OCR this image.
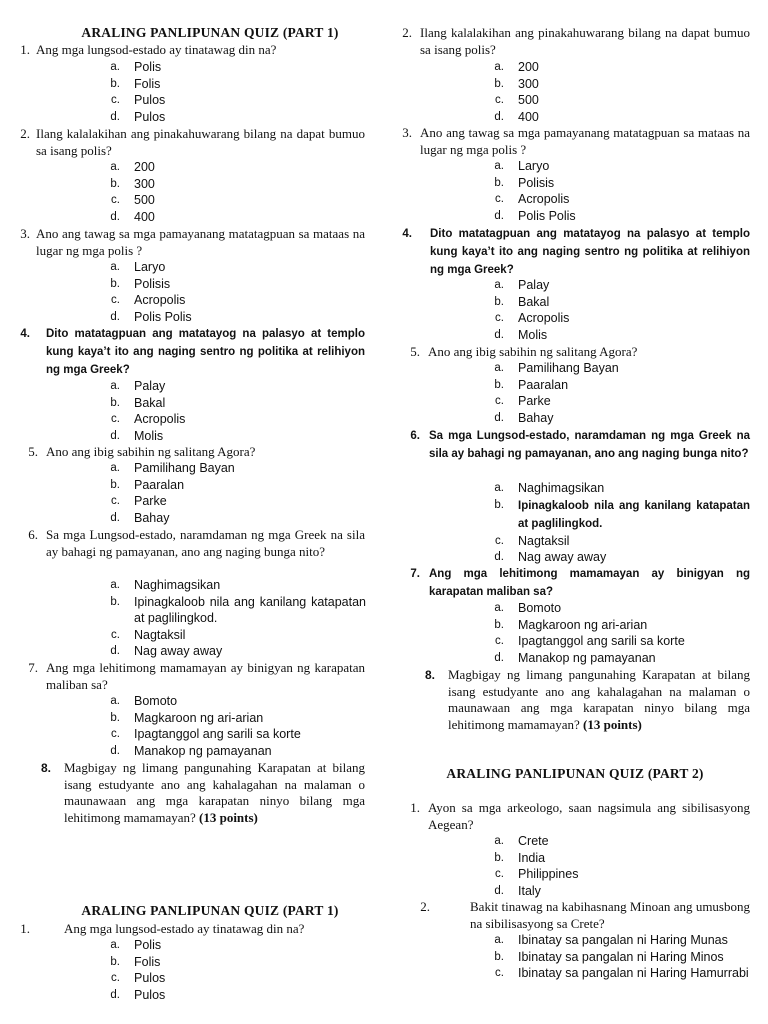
ARALING PANLIPUNAN QUIZ (PART 1)
1. Ang mga lungsod-estado ay tinatawag din na?
a. Polis
b. Folis
c. Pulos
d. Pulos
2. Ilang kalalakihan ang pinakahuwarang bilang na dapat bumuo sa isang polis?
a. 200
b. 300
c. 500
d. 400
3. Ano ang tawag sa mga pamayanang matatagpuan sa mataas na lugar ng mga polis ?
a. Laryo
b. Polisis
c. Acropolis
d. Polis Polis
4. Dito matatagpuan ang matatayog na palasyo at templo kung kaya’t ito ang naging sentro ng politika at relihiyon ng mga Greek?
a. Palay
b. Bakal
c. Acropolis
d. Molis
5. Ano ang ibig sabihin ng salitang Agora?
a. Pamilihang Bayan
b. Paaralan
c. Parke
d. Bahay
6. Sa mga Lungsod-estado, naramdaman ng mga Greek na sila ay bahagi ng pamayanan, ano ang naging bunga nito?
a. Naghimagsikan
b. Ipinagkaloob nila ang kanilang katapatan at paglilingkod.
c. Nagtaksil
d. Nag away away
7. Ang mga lehitimong mamamayan ay binigyan ng karapatan maliban sa?
a. Bomoto
b. Magkaroon ng ari-arian
c. Ipagtanggol ang sarili sa korte
d. Manakop ng pamayanan
8. Magbigay ng limang pangunahing Karapatan at bilang isang estudyante ano ang kahalagahan na malaman o maunawaan ang mga karapatan ninyo bilang mga lehitimong mamamayan? (13 points)
ARALING PANLIPUNAN QUIZ (PART 1)
1.	Ang mga lungsod-estado ay tinatawag din na?
a. Polis
b. Folis
c. Pulos
d. Pulos
2. Ilang kalalakihan ang pinakahuwarang bilang na dapat bumuo sa isang polis?
a. 200
b. 300
c. 500
d. 400
3. Ano ang tawag sa mga pamayanang matatagpuan sa mataas na lugar ng mga polis ?
a. Laryo
b. Polisis
c. Acropolis
d. Polis Polis
4. Dito matatagpuan ang matatayog na palasyo at templo kung kaya’t ito ang naging sentro ng politika at relihiyon ng mga Greek?
a. Palay
b. Bakal
c. Acropolis
d. Molis
5. Ano ang ibig sabihin ng salitang Agora?
a. Pamilihang Bayan
b. Paaralan
c. Parke
d. Bahay
6. Sa mga Lungsod-estado, naramdaman ng mga Greek na sila ay bahagi ng pamayanan, ano ang naging bunga nito?
a. Naghimagsikan
b. Ipinagkaloob nila ang kanilang katapatan at paglilingkod.
c. Nagtaksil
d. Nag away away
7. Ang mga lehitimong mamamayan ay binigyan ng karapatan maliban sa?
a. Bomoto
b. Magkaroon ng ari-arian
c. Ipagtanggol ang sarili sa korte
d. Manakop ng pamayanan
8. Magbigay ng limang pangunahing Karapatan at bilang isang estudyante ano ang kahalagahan na malaman o maunawaan ang mga karapatan ninyo bilang mga lehitimong mamamayan? (13 points)
ARALING PANLIPUNAN QUIZ (PART 2)
1. Ayon sa mga arkeologo, saan nagsimula ang sibilisasyong Aegean?
a. Crete
b. India
c. Philippines
d. Italy
2.	Bakit tinawag na kabihasnang Minoan ang umusbong na sibilisasyong sa Crete?
a. Ibinatay sa pangalan ni Haring Munas
b. Ibinatay sa pangalan ni Haring Minos
c. Ibinatay sa pangalan ni Haring Hamurrabi
